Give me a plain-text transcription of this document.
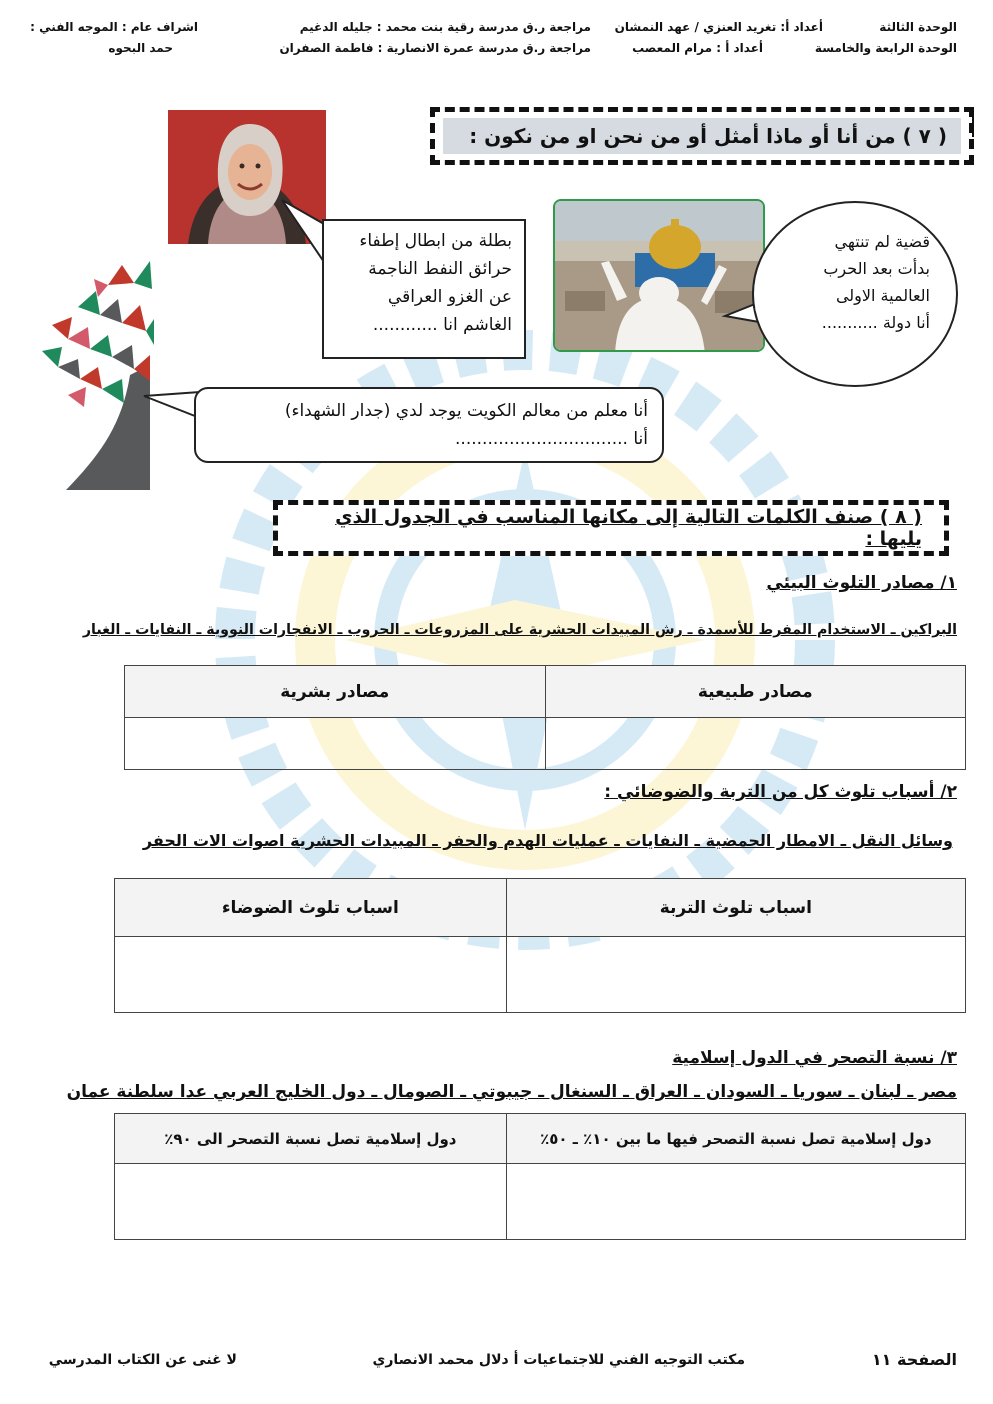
الوحدة الثالثة
الوحدة الرابعة والخامسة
أعداد أ: تغريد العنزي / عهد النمشان
أعداد أ : مرام المعصب
مراجعة ر.ق مدرسة رقية بنت محمد : جليله الدغيم
مراجعة ر.ق مدرسة عمرة الانصارية : فاطمة الصفران
اشراف عام : الموجه الفني :
حمد البحوه
( ٧ ) من أنا أو ماذا أمثل أو من نحن او من نكون :
بطلة من ابطال إطفاء
حرائق النفط الناجمة
عن الغزو العراقي
الغاشم انا ............
قضية لم تنتهي
بدأت بعد الحرب
العالمية الاولى
أنا دولة ...........
أنا معلم من معالم الكويت يوجد لدي (جدار الشهداء)
أنا ................................
( ٨ ) صنف الكلمات التالية إلى مكانها المناسب في الجدول الذي يليها :
١/ مصادر التلوث البيئي
البراكين ـ الاستخدام المفرط للأسمدة ـ رش المبيدات الحشرية على المزروعات ـ الحروب ـ الانفجارات النووية ـ النفايات ـ الغبار
مصادر طبيعية	مصادر بشرية

٢/ أسباب تلوث كل من التربة والضوضائي :
وسائل النقل ـ الامطار الحمضية ـ النفايات ـ عمليات الهدم والحفر ـ المبيدات الحشرية اصوات الات الحفر
اسباب تلوث التربة	اسباب تلوث الضوضاء

٣/ نسبة التصحر في الدول إسلامية
مصر ـ لبنان ـ سوريا ـ السودان ـ العراق ـ السنغال ـ جيبوتي ـ الصومال ـ دول الخليج العربي عدا سلطنة عمان
دول إسلامية تصل نسبة التصحر فيها ما بين ١٠٪ ـ ٥٠٪	دول إسلامية تصل نسبة التصحر الى ٩٠٪

الصفحة ١١
مكتب التوجيه الفني للاجتماعيات أ دلال محمد الانصاري
لا غنى عن الكتاب المدرسي
